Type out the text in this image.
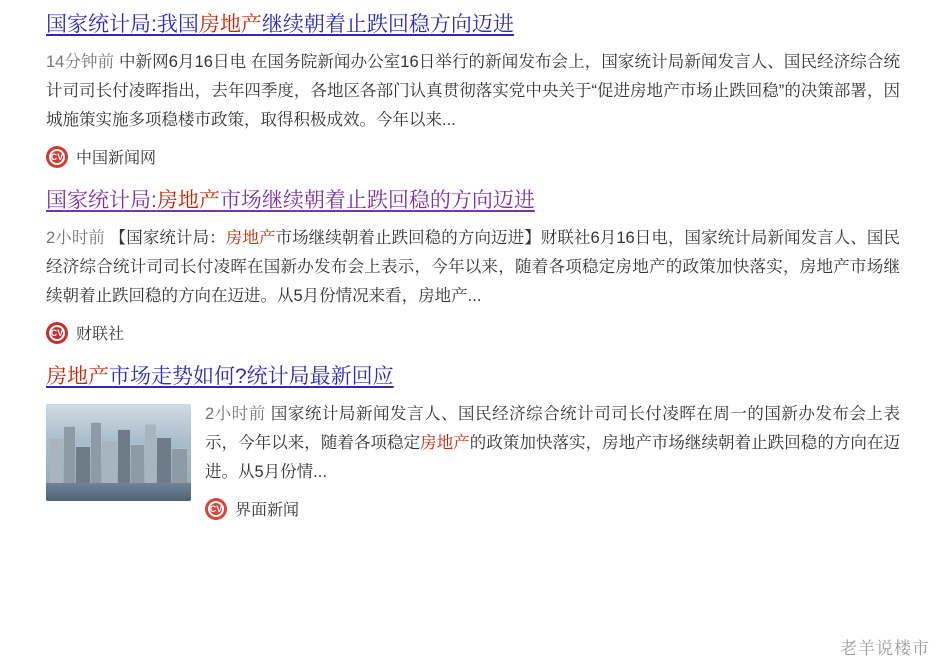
国家统计局:我国房地产继续朝着止跌回稳方向迈进
14分钟前 中新网6月16日电 在国务院新闻办公室16日举行的新闻发布会上，国家统计局新闻发言人、国民经济综合统计司司长付凌晖指出，去年四季度，各地区各部门认真贯彻落实党中央关于“促进房地产市场止跌回稳”的决策部署，因城施策实施多项稳楼市政策，取得积极成效。今年以来...
CV 中国新闻网
国家统计局:房地产市场继续朝着止跌回稳的方向迈进
2小时前 【国家统计局：房地产市场继续朝着止跌回稳的方向迈进】财联社6月16日电，国家统计局新闻发言人、国民经济综合统计司司长付凌晖在国新办发布会上表示，今年以来，随着各项稳定房地产的政策加快落实，房地产市场继续朝着止跌回稳的方向在迈进。从5月份情况来看，房地产...
CV 财联社
房地产市场走势如何?统计局最新回应
2小时前 国家统计局新闻发言人、国民经济综合统计司司长付凌晖在周一的国新办发布会上表示，今年以来，随着各项稳定房地产的政策加快落实，房地产市场继续朝着止跌回稳的方向在迈进。从5月份情...
CV 界面新闻
老羊说楼市
